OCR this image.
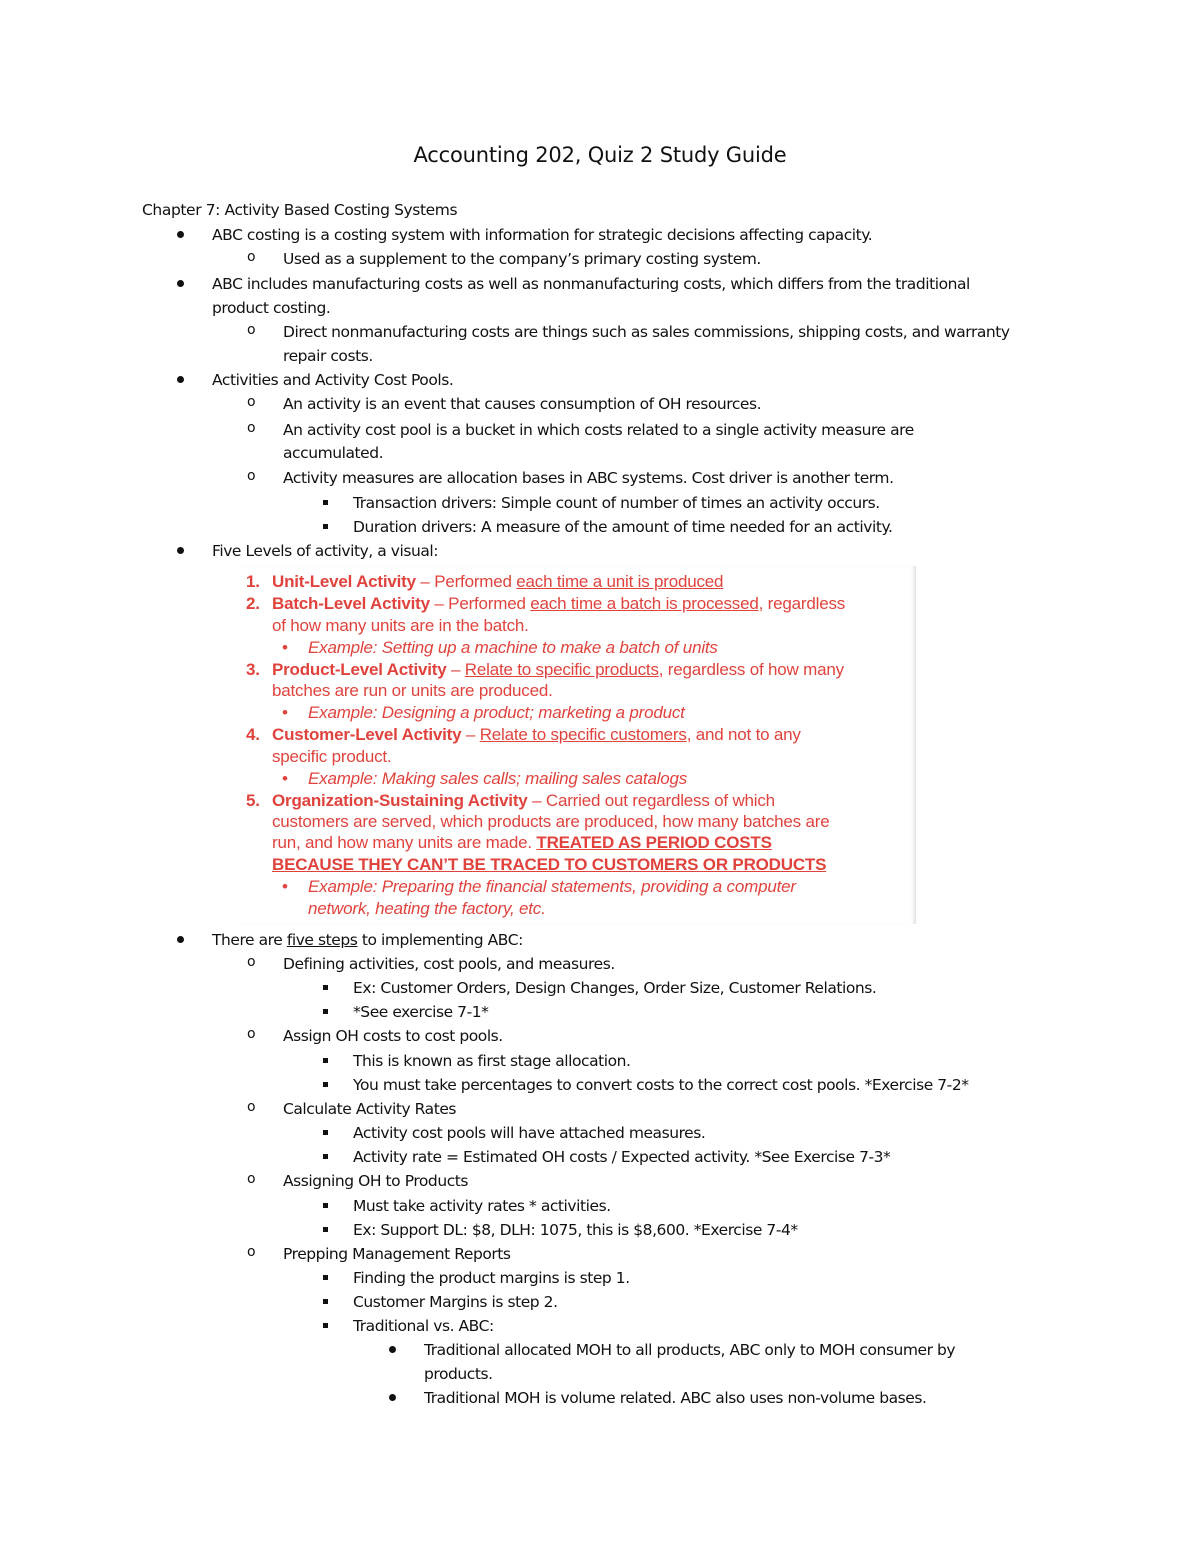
Accounting 202, Quiz 2 Study Guide
Chapter 7: Activity Based Costing Systems
ABC costing is a costing system with information for strategic decisions affecting capacity.
o Used as a supplement to the company’s primary costing system.
ABC includes manufacturing costs as well as nonmanufacturing costs, which differs from the traditional
product costing.
o Direct nonmanufacturing costs are things such as sales commissions, shipping costs, and warranty
repair costs.
Activities and Activity Cost Pools.
o An activity is an event that causes consumption of OH resources.
o An activity cost pool is a bucket in which costs related to a single activity measure are
accumulated.
o Activity measures are allocation bases in ABC systems. Cost driver is another term.
Transaction drivers: Simple count of number of times an activity occurs.
Duration drivers: A measure of the amount of time needed for an activity.
Five Levels of activity, a visual:
1. Unit-Level Activity – Performed each time a unit is produced
2. Batch-Level Activity – Performed each time a batch is processed, regardless
of how many units are in the batch.
• Example: Setting up a machine to make a batch of units
3. Product-Level Activity – Relate to specific products, regardless of how many
batches are run or units are produced.
• Example: Designing a product; marketing a product
4. Customer-Level Activity – Relate to specific customers, and not to any
specific product.
• Example: Making sales calls; mailing sales catalogs
5. Organization-Sustaining Activity – Carried out regardless of which
customers are served, which products are produced, how many batches are
run, and how many units are made. TREATED AS PERIOD COSTS
BECAUSE THEY CAN’T BE TRACED TO CUSTOMERS OR PRODUCTS
• Example: Preparing the financial statements, providing a computer
network, heating the factory, etc.
There are five steps to implementing ABC:
o Defining activities, cost pools, and measures.
Ex: Customer Orders, Design Changes, Order Size, Customer Relations.
*See exercise 7-1*
o Assign OH costs to cost pools.
This is known as first stage allocation.
You must take percentages to convert costs to the correct cost pools. *Exercise 7-2*
o Calculate Activity Rates
Activity cost pools will have attached measures.
Activity rate = Estimated OH costs / Expected activity. *See Exercise 7-3*
o Assigning OH to Products
Must take activity rates * activities.
Ex: Support DL: $8, DLH: 1075, this is $8,600. *Exercise 7-4*
o Prepping Management Reports
Finding the product margins is step 1.
Customer Margins is step 2.
Traditional vs. ABC:
Traditional allocated MOH to all products, ABC only to MOH consumer by
products.
Traditional MOH is volume related. ABC also uses non-volume bases.
